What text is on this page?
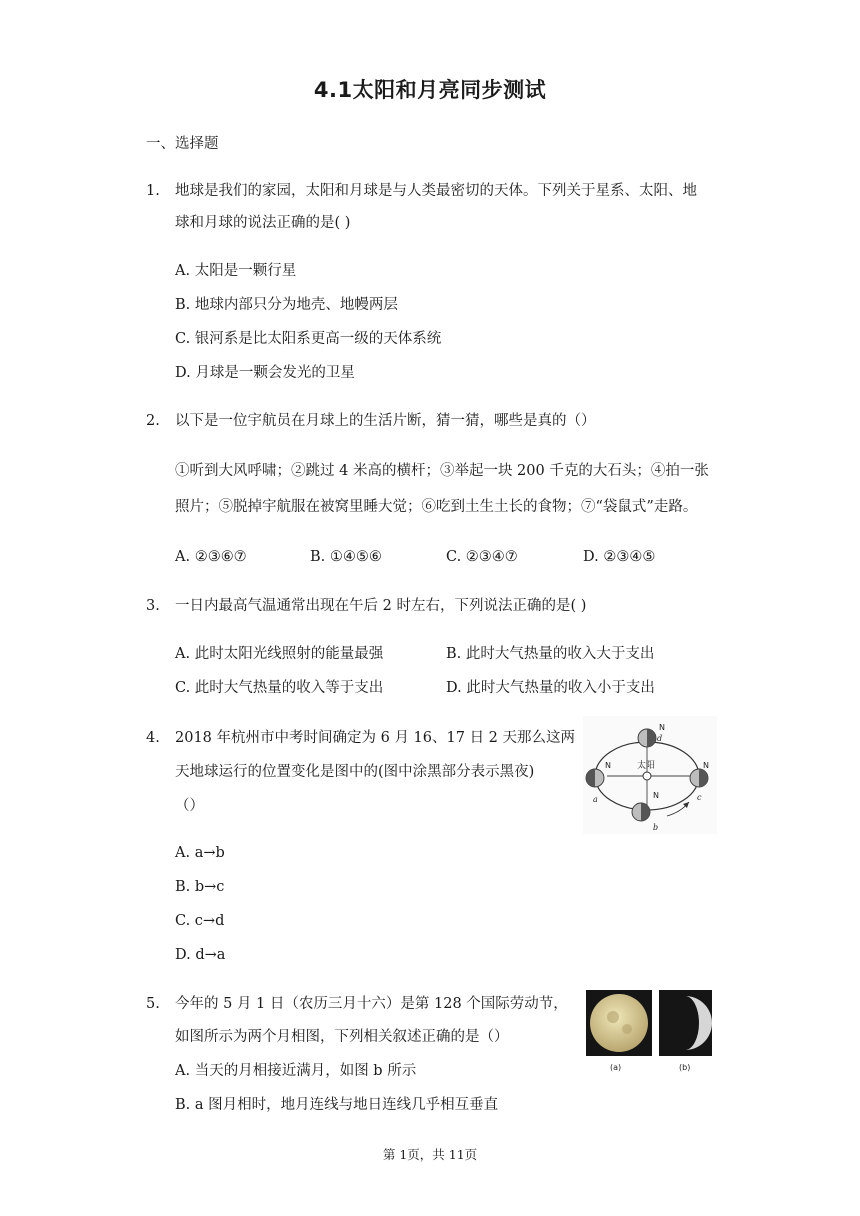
4.1太阳和月亮同步测试
一、选择题
1. 地球是我们的家园，太阳和月球是与人类最密切的天体。下列关于星系、太阳、地
球和月球的说法正确的是( )
A. 太阳是一颗行星
B. 地球内部只分为地壳、地幔两层
C. 银河系是比太阳系更高一级的天体系统
D. 月球是一颗会发光的卫星
2. 以下是一位宇航员在月球上的生活片断，猜一猜，哪些是真的（）
①听到大风呼啸；②跳过 4 米高的横杆；③举起一块 200 千克的大石头；④拍一张
照片；⑤脱掉宇航服在被窝里睡大觉；⑥吃到土生土长的食物；⑦“袋鼠式”走路。
A. ②③⑥⑦	B. ①④⑤⑥	C. ②③④⑦	D. ②③④⑤
3. 一日内最高气温通常出现在午后 2 时左右，下列说法正确的是( )
A. 此时太阳光线照射的能量最强	B. 此时大气热量的收入大于支出
C. 此时大气热量的收入等于支出	D. 此时大气热量的收入小于支出
4. 2018 年杭州市中考时间确定为 6 月 16、17 日 2 天那么这两
天地球运行的位置变化是图中的(图中涂黑部分表示黑夜)
（）
A. a→b
B. b→c
C. c→d
D. d→a
太阳
N
d
N
a	N
b
N
c
5. 今年的 5 月 1 日（农历三月十六）是第 128 个国际劳动节，
如图所示为两个月相图，下列相关叙述正确的是（）
A. 当天的月相接近满月，如图 b 所示
B. a 图月相时，地月连线与地日连线几乎相互垂直
(a)	(b)
第 1页，共 11页
